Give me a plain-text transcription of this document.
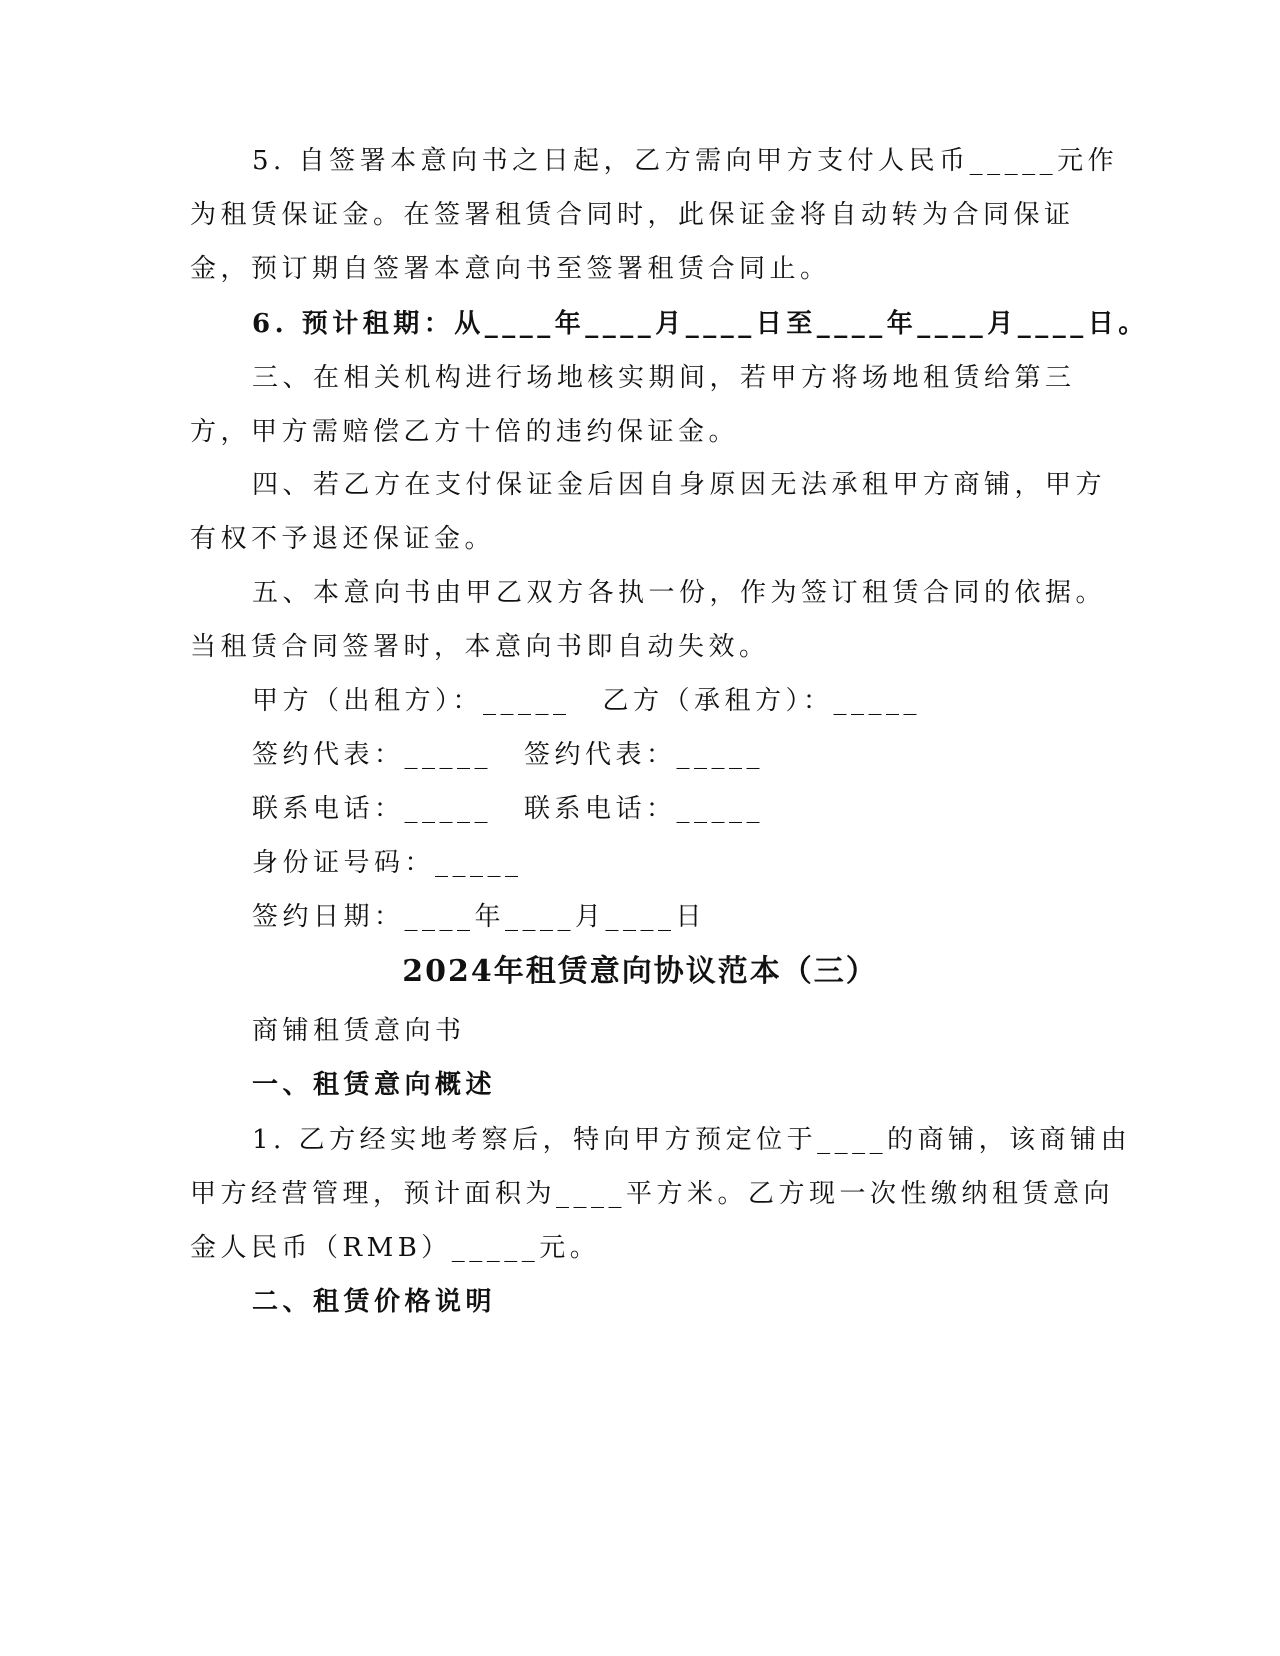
5. 自签署本意向书之日起，乙方需向甲方支付人民币_____元作
为租赁保证金。在签署租赁合同时，此保证金将自动转为合同保证
金，预订期自签署本意向书至签署租赁合同止。
6. 预计租期：从____年____月____日至____年____月____日。
三、在相关机构进行场地核实期间，若甲方将场地租赁给第三
方，甲方需赔偿乙方十倍的违约保证金。
四、若乙方在支付保证金后因自身原因无法承租甲方商铺，甲方
有权不予退还保证金。
五、本意向书由甲乙双方各执一份，作为签订租赁合同的依据。
当租赁合同签署时，本意向书即自动失效。
甲方（出租方）：_____ 乙方（承租方）：_____
签约代表：_____ 签约代表：_____
联系电话：_____ 联系电话：_____
身份证号码：_____
签约日期：____年____月____日
2024年租赁意向协议范本（三）
商铺租赁意向书
一、租赁意向概述
1. 乙方经实地考察后，特向甲方预定位于____的商铺，该商铺由
甲方经营管理，预计面积为____平方米。乙方现一次性缴纳租赁意向
金人民币（RMB）_____元。
二、租赁价格说明
